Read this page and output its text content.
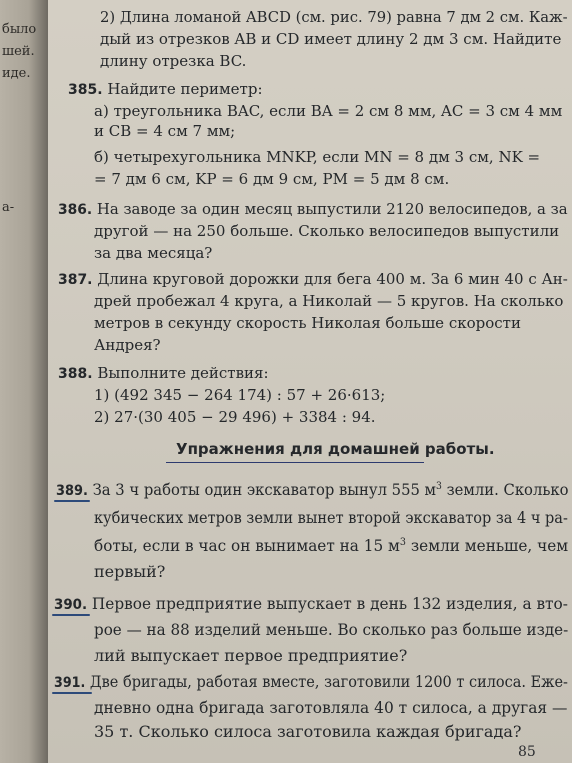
было
шей.
иде.
а-
2) Длина ломаной ABCD (см. рис. 79) равна 7 дм 2 см. Каж-
дый из отрезков AB и CD имеет длину 2 дм 3 см. Найдите
длину отрезка BC.
385. Найдите периметр:
а) треугольника BAC, если BA = 2 см 8 мм, AC = 3 см 4 мм
и CB = 4 см 7 мм;
б) четырехугольника MNKP, если MN = 8 дм 3 см, NK =
= 7 дм 6 см, KP = 6 дм 9 см, PM = 5 дм 8 см.
386. На заводе за один месяц выпустили 2120 велосипедов, а за
другой — на 250 больше. Сколько велосипедов выпустили
за два месяца?
387. Длина круговой дорожки для бега 400 м. За 6 мин 40 с Ан-
дрей пробежал 4 круга, а Николай — 5 кругов. На сколько
метров в секунду скорость Николая больше скорости
Андрея?
388. Выполните действия:
1) (492 345 − 264 174) : 57 + 26·613;
2) 27·(30 405 − 29 496) + 3384 : 94.
Упражнения для домашней работы.
389. За 3 ч работы один экскаватор вынул 555 $м^3$ земли. Сколько
кубических метров земли вынет второй экскаватор за 4 ч ра-
боты, если в час он вынимает на 15 $м^3$ земли меньше, чем
первый?
390. Первое предприятие выпускает в день 132 изделия, а вто-
рое — на 88 изделий меньше. Во сколько раз больше изде-
лий выпускает первое предприятие?
391. Две бригады, работая вместе, заготовили 1200 т силоса. Еже-
дневно одна бригада заготовляла 40 т силоса, а другая —
35 т. Сколько силоса заготовила каждая бригада?
85
